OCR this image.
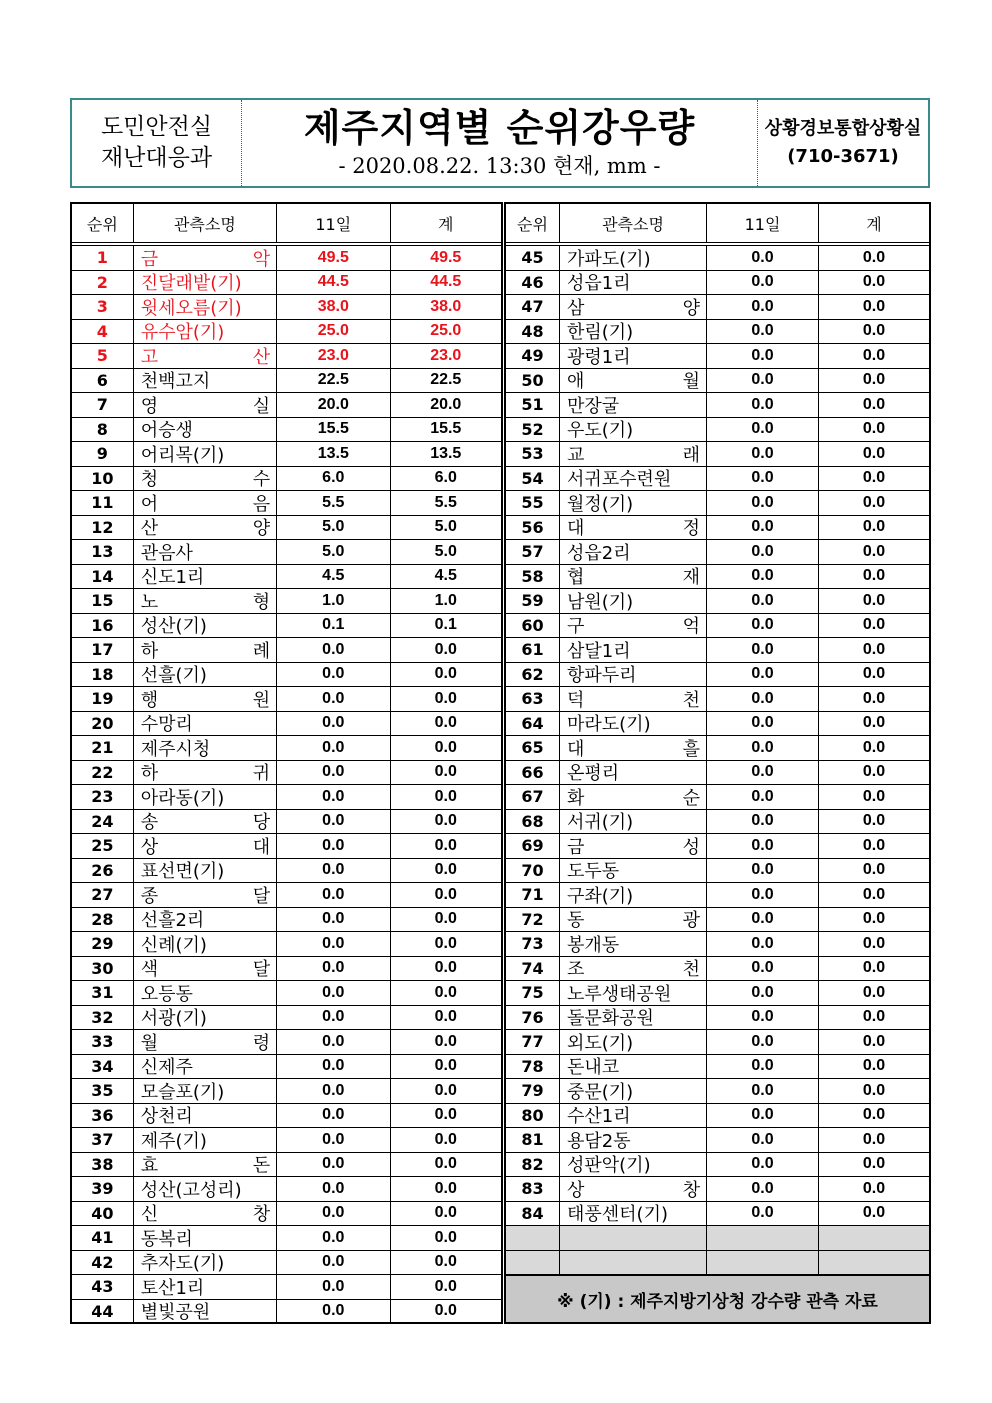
도민안전실
재난대응과
제주지역별 순위강우량
- 2020.08.22. 13:30 현재, mm -
상황경보통합상황실
(710-3671)
순위	관측소명	11일	계
1	금 악	49.5	49.5
2	진달래밭(기)	44.5	44.5
3	윗세오름(기)	38.0	38.0
4	유수암(기)	25.0	25.0
5	고 산	23.0	23.0
6	천백고지	22.5	22.5
7	영 실	20.0	20.0
8	어승생	15.5	15.5
9	어리목(기)	13.5	13.5
10	청 수	6.0	6.0
11	어 음	5.5	5.5
12	산 양	5.0	5.0
13	관음사	5.0	5.0
14	신도1리	4.5	4.5
15	노 형	1.0	1.0
16	성산(기)	0.1	0.1
17	하 례	0.0	0.0
18	선흘(기)	0.0	0.0
19	행 원	0.0	0.0
20	수망리	0.0	0.0
21	제주시청	0.0	0.0
22	하 귀	0.0	0.0
23	아라동(기)	0.0	0.0
24	송 당	0.0	0.0
25	상 대	0.0	0.0
26	표선면(기)	0.0	0.0
27	종 달	0.0	0.0
28	선흘2리	0.0	0.0
29	신례(기)	0.0	0.0
30	색 달	0.0	0.0
31	오등동	0.0	0.0
32	서광(기)	0.0	0.0
33	월 령	0.0	0.0
34	신제주	0.0	0.0
35	모슬포(기)	0.0	0.0
36	상천리	0.0	0.0
37	제주(기)	0.0	0.0
38	효 돈	0.0	0.0
39	성산(고성리)	0.0	0.0
40	신 창	0.0	0.0
41	동복리	0.0	0.0
42	추자도(기)	0.0	0.0
43	토산1리	0.0	0.0
44	별빛공원	0.0	0.0
순위	관측소명	11일	계
45	가파도(기)	0.0	0.0
46	성읍1리	0.0	0.0
47	삼 양	0.0	0.0
48	한림(기)	0.0	0.0
49	광령1리	0.0	0.0
50	애 월	0.0	0.0
51	만장굴	0.0	0.0
52	우도(기)	0.0	0.0
53	교 래	0.0	0.0
54	서귀포수련원	0.0	0.0
55	월정(기)	0.0	0.0
56	대 정	0.0	0.0
57	성읍2리	0.0	0.0
58	협 재	0.0	0.0
59	남원(기)	0.0	0.0
60	구 억	0.0	0.0
61	삼달1리	0.0	0.0
62	항파두리	0.0	0.0
63	덕 천	0.0	0.0
64	마라도(기)	0.0	0.0
65	대 흘	0.0	0.0
66	온평리	0.0	0.0
67	화 순	0.0	0.0
68	서귀(기)	0.0	0.0
69	금 성	0.0	0.0
70	도두동	0.0	0.0
71	구좌(기)	0.0	0.0
72	동 광	0.0	0.0
73	봉개동	0.0	0.0
74	조 천	0.0	0.0
75	노루생태공원	0.0	0.0
76	돌문화공원	0.0	0.0
77	외도(기)	0.0	0.0
78	돈내코	0.0	0.0
79	중문(기)	0.0	0.0
80	수산1리	0.0	0.0
81	용담2동	0.0	0.0
82	성판악(기)	0.0	0.0
83	상 창	0.0	0.0
84	태풍센터(기)	0.0	0.0
※ (기) : 제주지방기상청 강수량 관측 자료
